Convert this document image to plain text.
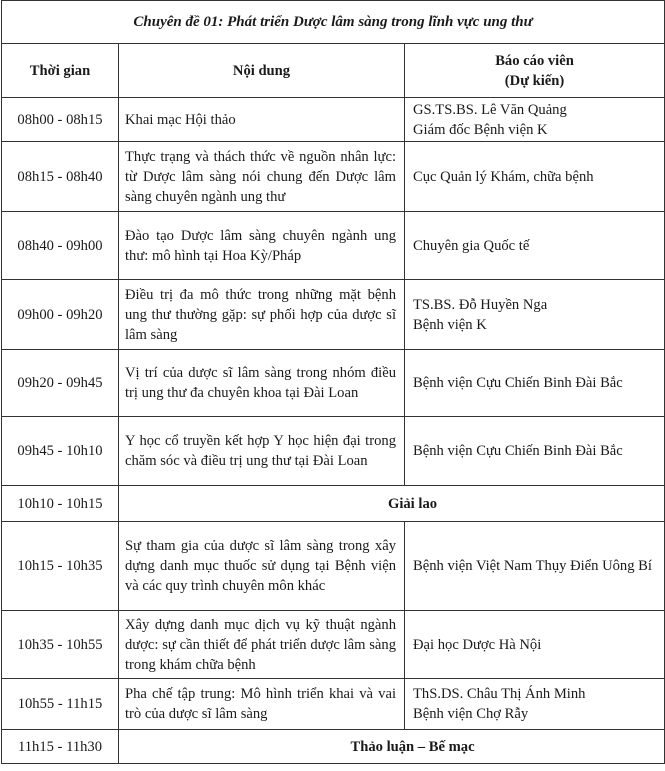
Chuyên đề 01: Phát triển Dược lâm sàng trong lĩnh vực ung thư		
Thời gian	Nội dung	Báo cáo viên
(Dự kiến)

08h00 - 08h15	Khai mạc Hội thảo	GS.TS.BS. Lê Văn Quảng
Giám đốc Bệnh viện K

08h15 - 08h40	Thực trạng và thách thức về nguồn nhân lực: từ Dược lâm sàng nói chung đến Dược lâm sàng chuyên ngành ung thư	Cục Quản lý Khám, chữa bệnh

08h40 - 09h00	Đào tạo Dược lâm sàng chuyên ngành ung thư: mô hình tại Hoa Kỳ/Pháp	Chuyên gia Quốc tế

09h00 - 09h20	Điều trị đa mô thức trong những mặt bệnh ung thư thường gặp: sự phối hợp của dược sĩ lâm sàng	TS.BS. Đỗ Huyền Nga
Bệnh viện K

09h20 - 09h45	Vị trí của dược sĩ lâm sàng trong nhóm điều trị ung thư đa chuyên khoa tại Đài Loan	Bệnh viện Cựu Chiến Binh Đài Bắc

09h45 - 10h10	Y học cổ truyền kết hợp Y học hiện đại trong chăm sóc và điều trị ung thư tại Đài Loan	Bệnh viện Cựu Chiến Binh Đài Bắc

10h10 - 10h15	Giải lao	
10h15 - 10h35	Sự tham gia của dược sĩ lâm sàng trong xây dựng danh mục thuốc sử dụng tại Bệnh viện và các quy trình chuyên môn khác	Bệnh viện Việt Nam Thụy Điển Uông Bí
10h35 - 10h55	Xây dựng danh mục dịch vụ kỹ thuật ngành dược: sự cần thiết để phát triển dược lâm sàng trong khám chữa bệnh	Đại học Dược Hà Nội

10h55 - 11h15	Pha chế tập trung: Mô hình triển khai và vai trò của dược sĩ lâm sàng	ThS.DS. Châu Thị Ánh Minh
Bệnh viện Chợ Rẫy

11h15 - 11h30	Thảo luận – Bế mạc	
